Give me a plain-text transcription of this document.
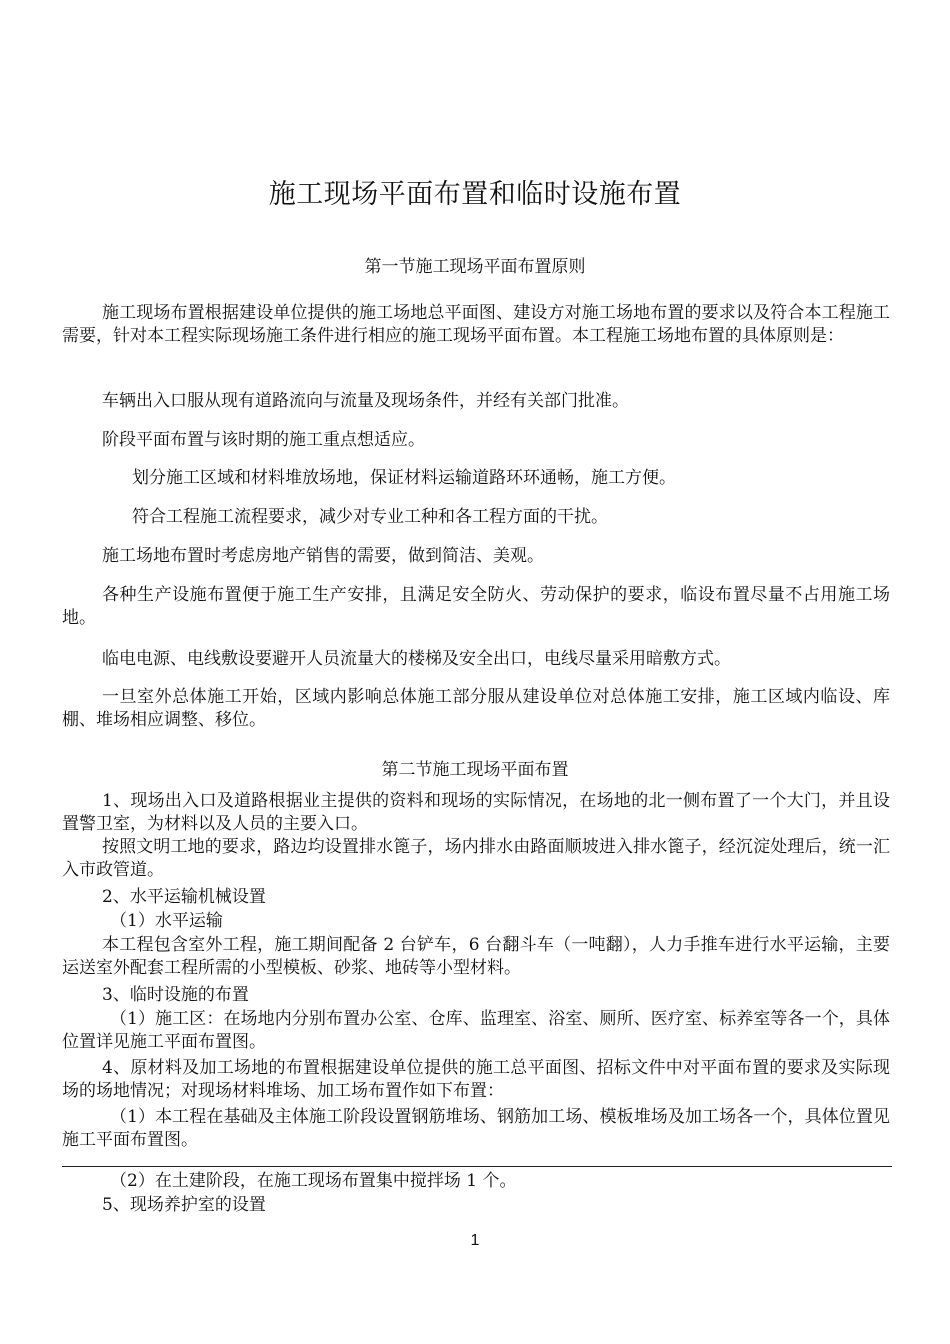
施工现场平面布置和临时设施布置
第一节施工现场平面布置原则
施工现场布置根据建设单位提供的施工场地总平面图、建设方对施工场地布置的要求以及符合本工程施工需要，针对本工程实际现场施工条件进行相应的施工现场平面布置。本工程施工场地布置的具体原则是：
车辆出入口服从现有道路流向与流量及现场条件，并经有关部门批准。
阶段平面布置与该时期的施工重点想适应。
划分施工区域和材料堆放场地，保证材料运输道路环环通畅，施工方便。
符合工程施工流程要求，减少对专业工种和各工程方面的干扰。
施工场地布置时考虑房地产销售的需要，做到简洁、美观。
各种生产设施布置便于施工生产安排，且满足安全防火、劳动保护的要求，临设布置尽量不占用施工场地。
临电电源、电线敷设要避开人员流量大的楼梯及安全出口，电线尽量采用暗敷方式。
一旦室外总体施工开始，区域内影响总体施工部分服从建设单位对总体施工安排，施工区域内临设、库棚、堆场相应调整、移位。
第二节施工现场平面布置
1、现场出入口及道路根据业主提供的资料和现场的实际情况，在场地的北一侧布置了一个大门，并且设置警卫室，为材料以及人员的主要入口。
按照文明工地的要求，路边均设置排水篦子，场内排水由路面顺坡进入排水篦子，经沉淀处理后，统一汇入市政管道。
2、水平运输机械设置
（1）水平运输
本工程包含室外工程，施工期间配备 2 台铲车，6 台翻斗车（一吨翻），人力手推车进行水平运输，主要运送室外配套工程所需的小型模板、砂浆、地砖等小型材料。
3、临时设施的布置
（1）施工区：在场地内分别布置办公室、仓库、监理室、浴室、厕所、医疗室、标养室等各一个，具体位置详见施工平面布置图。
4、原材料及加工场地的布置根据建设单位提供的施工总平面图、招标文件中对平面布置的要求及实际现场的场地情况；对现场材料堆场、加工场布置作如下布置：
（1）本工程在基础及主体施工阶段设置钢筋堆场、钢筋加工场、模板堆场及加工场各一个，具体位置见施工平面布置图。
（2）在土建阶段，在施工现场布置集中搅拌场 1 个。
5、现场养护室的设置
1
